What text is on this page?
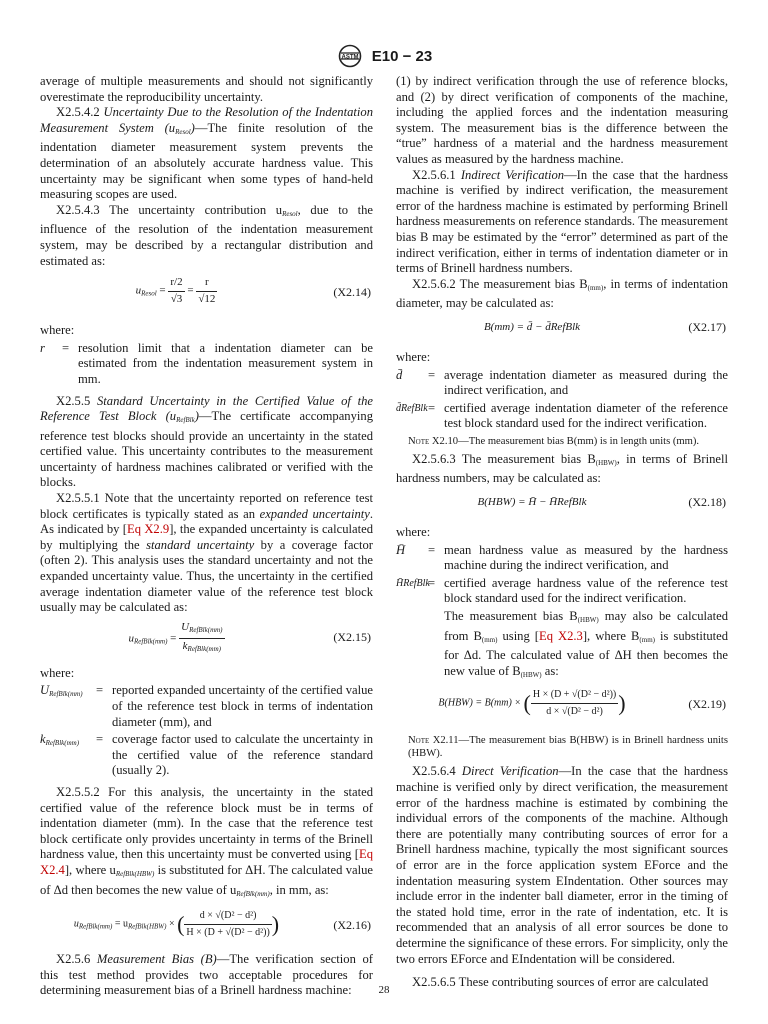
ASTM E10 − 23

average of multiple measurements and should not significantly overestimate the reproducibility uncertainty.

X2.5.4.2 Uncertainty Due to the Resolution of the Indentation Measurement System $(u_{Resol})—The$ finite resolution of the indentation diameter measurement system prevents the determination of an absolutely accurate hardness value. This uncertainty may be significant when some types of hand-held measuring scopes are used.

X2.5.4.3 The uncertainty contribution $u_{Resol}$, due to the influence of the resolution of the indentation measurement system, may be described by a rectangular distribution and estimated as:

$u_{Resol} = \frac{r/2}{√3} = \frac{r}{√12}$	(X2.14)

where:

r	= resolution limit that a indentation diameter can be estimated from the indentation measurement system in mm.

X2.5.5 Standard Uncertainty in the Certified Value of the Reference Test Block $(u_{RefBlk})—The$ certificate accompanying reference test blocks should provide an uncertainty in the stated certified value. This uncertainty contributes to the measurement uncertainty of hardness machines calibrated or verified with the blocks.

X2.5.5.1 Note that the uncertainty reported on reference test block certificates is typically stated as an expanded uncertainty. As indicated by [Eq X2.9], the expanded uncertainty is calculated by multiplying the standard uncertainty by a coverage factor (often 2). This analysis uses the standard uncertainty and not the expanded uncertainty value. Thus, the uncertainty in the certified average indentation diameter value of the reference test block usually may be calculated as:

$u_{RefBlk(mm)} = \frac{U_{RefBlk(mm)}}{k_{RefBlk(mm)}}$	(X2.15)

where:

$U_{RefBlk(mm)}$	= reported expanded uncertainty of the certified value of the reference test block in terms of indentation diameter (mm), and
$k_{RefBlk(mm)}$	= coverage factor used to calculate the uncertainty in the certified value of the reference standard (usually 2).

X2.5.5.2 For this analysis, the uncertainty in the stated certified value of the reference block must be in terms of indentation diameter (mm). In the case that the reference test block certificate only provides uncertainty in terms of the Brinell hardness value, then this uncertainty must be converted using [Eq X2.4], where $u_{RefBlk(HBW)}$ is substituted for ΔH. The calculated value of Δd then becomes the new value of $u_{RefBlk(mm)}$, in mm, as:

$u_{RefBlk(mm)} = u_{RefBlk(HBW)}$ × ( $\frac{\text{d × √(D² − d²)}}{\text{H × (D + √(D² − d²))}}$ )	(X2.16)

X2.5.6 Measurement Bias (B)—The verification section of this test method provides two acceptable procedures for determining measurement bias of a Brinell hardness machine:

(1) by indirect verification through the use of reference blocks, and (2) by direct verification of components of the machine, including the applied forces and the indentation measuring system. The measurement bias is the difference between the “true” hardness of a material and the hardness measurement values as measured by the hardness machine.

X2.5.6.1 Indirect Verification—In the case that the hardness machine is verified by indirect verification, the measurement error of the hardness machine is estimated by performing Brinell hardness measurements on reference standards. The measurement bias B may be estimated by the “error” determined as part of the indirect verification, either in terms of indentation diameter or in terms of Brinell hardness numbers.

X2.5.6.2 The measurement bias $B_{(mm)}$, in terms of indentation diameter, may be calculated as:

B(mm) = d̄ − d̄RefBlk	(X2.17)

where:

d̄	= average indentation diameter as measured during the indirect verification, and
d̄RefBlk = certified average indentation diameter of the reference test block standard used for the indirect verification.

Note X2.10—The measurement bias B(mm) is in length units (mm).

X2.5.6.3 The measurement bias $B_{(HBW)}$, in terms of Brinell hardness numbers, may be calculated as:

B(HBW) = H̄ − H̄RefBlk	(X2.18)

where:

H̄	= mean hardness value as measured by the hardness machine during the indirect verification, and
H̄RefBlk
= certified average hardness value of the reference test block standard used for the indirect verification.

The measurement bias $B_{(HBW)}$ may also be calculated from $B_{(mm)}$ using [Eq X2.3], where $B_{(mm)}$ is substituted for Δd. The calculated value of ΔH then becomes the new value of $B_{(HBW)}$ as:

B(HBW) = B(mm) × ( $\frac{\text{H × (D + √(D² − d²))}}{\text{d × √(D² − d²)}}$ )	(X2.19)

Note X2.11—The measurement bias B(HBW) is in Brinell hardness units (HBW).

X2.5.6.4 Direct Verification—In the case that the hardness machine is verified only by direct verification, the measurement error of the hardness machine is estimated by combining the individual errors of the components of the machine. Although there are potentially many contributing sources of error for a Brinell hardness machine, typically the most significant sources of error are in the force application system EForce and the indentation measuring system EIndentation. Other sources may include error in the indenter ball diameter, error in the timing of the stated hold time, error in the rate of indentation, etc. It is recommended that an analysis of all error sources be done to determine the significance of these errors. For simplicity, only the two errors EForce and EIndentation will be considered.

X2.5.6.5 These contributing sources of error are calculated

28
